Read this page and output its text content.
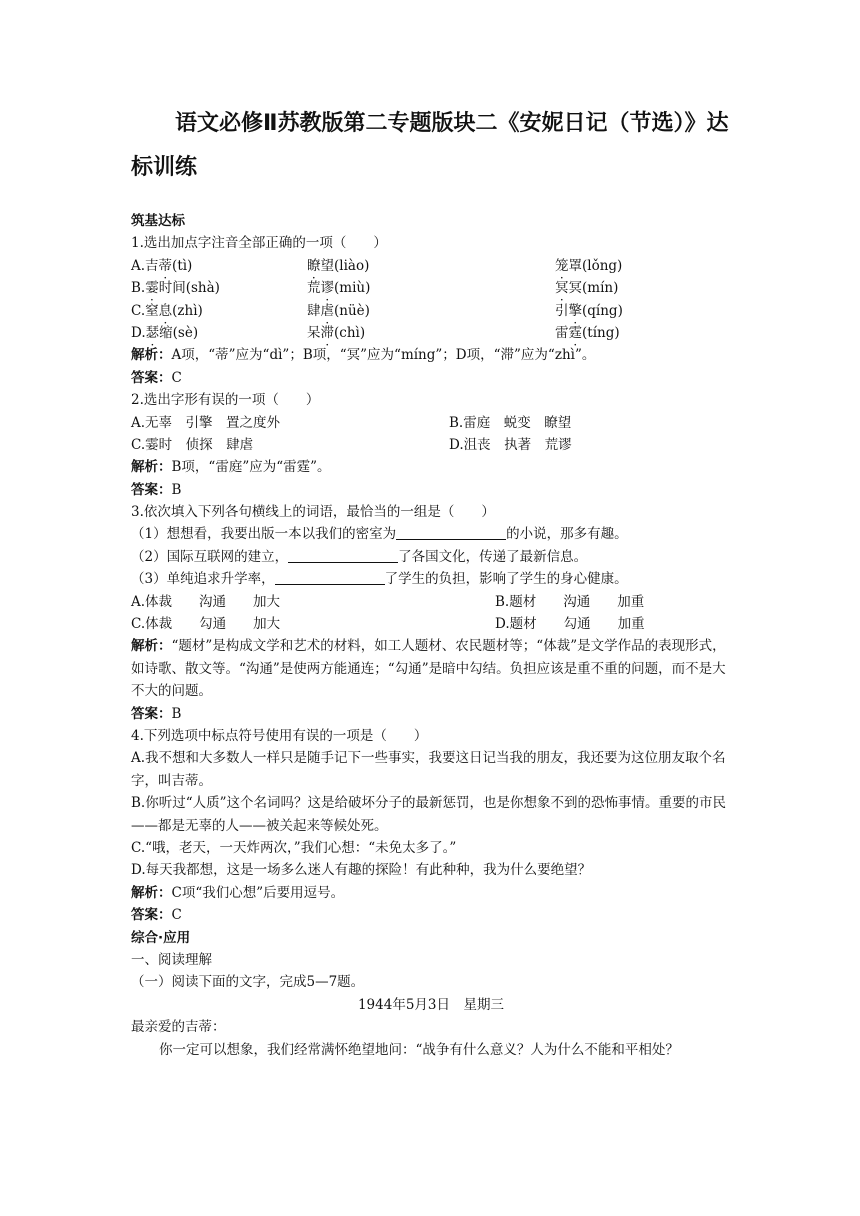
语文必修Ⅱ苏教版第二专题版块二《安妮日记（节选）》达
标训练
筑基达标
1.选出加点字注音全部正确的一项（　　）
A.吉蒂(tì)	瞭望(liào)	笼罩(lǒng)
B.霎时间(shà)	荒谬(miù)	冥冥(mín)
C.窒息(zhì)	肆虐(nüè)	引擎(qíng)
D.瑟缩(sè)	呆滞(chì)	雷霆(tíng)
解析：A项，“蒂”应为“dì”；B项，“冥”应为“míng”；D项，“滞”应为“zhì”。
答案：C
2.选出字形有误的一项（　　）
A.无辜　引擎　置之度外	B.雷庭　蜕变　瞭望
C.霎时　侦探　肆虐	D.沮丧　执著　荒谬
解析：B项，“雷庭”应为“雷霆”。
答案：B
3.依次填入下列各句横线上的词语，最恰当的一组是（　　）
（1）想想看，我要出版一本以我们的密室为	的小说，那多有趣。
（2）国际互联网的建立，	了各国文化，传递了最新信息。
（3）单纯追求升学率，	了学生的负担，影响了学生的身心健康。
A.体裁　　沟通　　加大	B.题材　　沟通　　加重
C.体裁　　勾通　　加大	D.题材　　勾通　　加重
解析：“题材”是构成文学和艺术的材料，如工人题材、农民题材等；“体裁”是文学作品的表现形式，如诗歌、散文等。“沟通”是使两方能通连；“勾通”是暗中勾结。负担应该是重不重的问题，而不是大不大的问题。
答案：B
4.下列选项中标点符号使用有误的一项是（　　）
A.我不想和大多数人一样只是随手记下一些事实，我要这日记当我的朋友，我还要为这位朋友取个名字，叫吉蒂。
B.你听过“人质”这个名词吗？这是给破坏分子的最新惩罚，也是你想象不到的恐怖事情。重要的市民——都是无辜的人——被关起来等候处死。
C.“哦，老天，一天炸两次，”我们心想：“未免太多了。”
D.每天我都想，这是一场多么迷人有趣的探险！有此种种，我为什么要绝望？
解析：C项“我们心想”后要用逗号。
答案：C
综合·应用
一、阅读理解
（一）阅读下面的文字，完成5—7题。
1944年5月3日　星期三
最亲爱的吉蒂：
你一定可以想象，我们经常满怀绝望地问：“战争有什么意义？人为什么不能和平相处？
